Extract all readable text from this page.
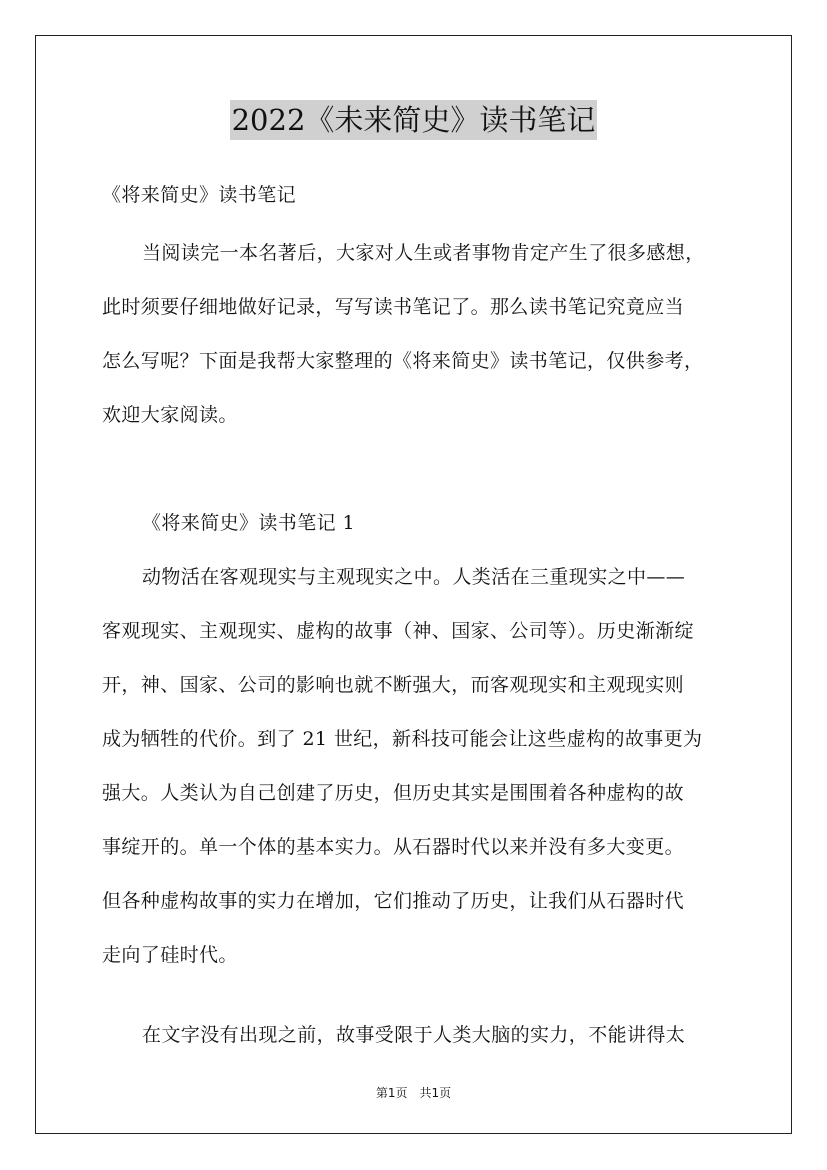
2022《未来简史》读书笔记
《将来简史》读书笔记
当阅读完一本名著后，大家对人生或者事物肯定产生了很多感想，
此时须要仔细地做好记录，写写读书笔记了。那么读书笔记究竟应当
怎么写呢？下面是我帮大家整理的《将来简史》读书笔记，仅供参考，
欢迎大家阅读。
《将来简史》读书笔记 1
动物活在客观现实与主观现实之中。人类活在三重现实之中——
客观现实、主观现实、虚构的故事（神、国家、公司等）。历史渐渐绽
开，神、国家、公司的影响也就不断强大，而客观现实和主观现实则
成为牺牲的代价。到了 21 世纪，新科技可能会让这些虚构的故事更为
强大。人类认为自己创建了历史，但历史其实是围围着各种虚构的故
事绽开的。单一个体的基本实力。从石器时代以来并没有多大变更。
但各种虚构故事的实力在增加，它们推动了历史，让我们从石器时代
走向了硅时代。
在文字没有出现之前，故事受限于人类大脑的实力，不能讲得太
第1页　共1页
